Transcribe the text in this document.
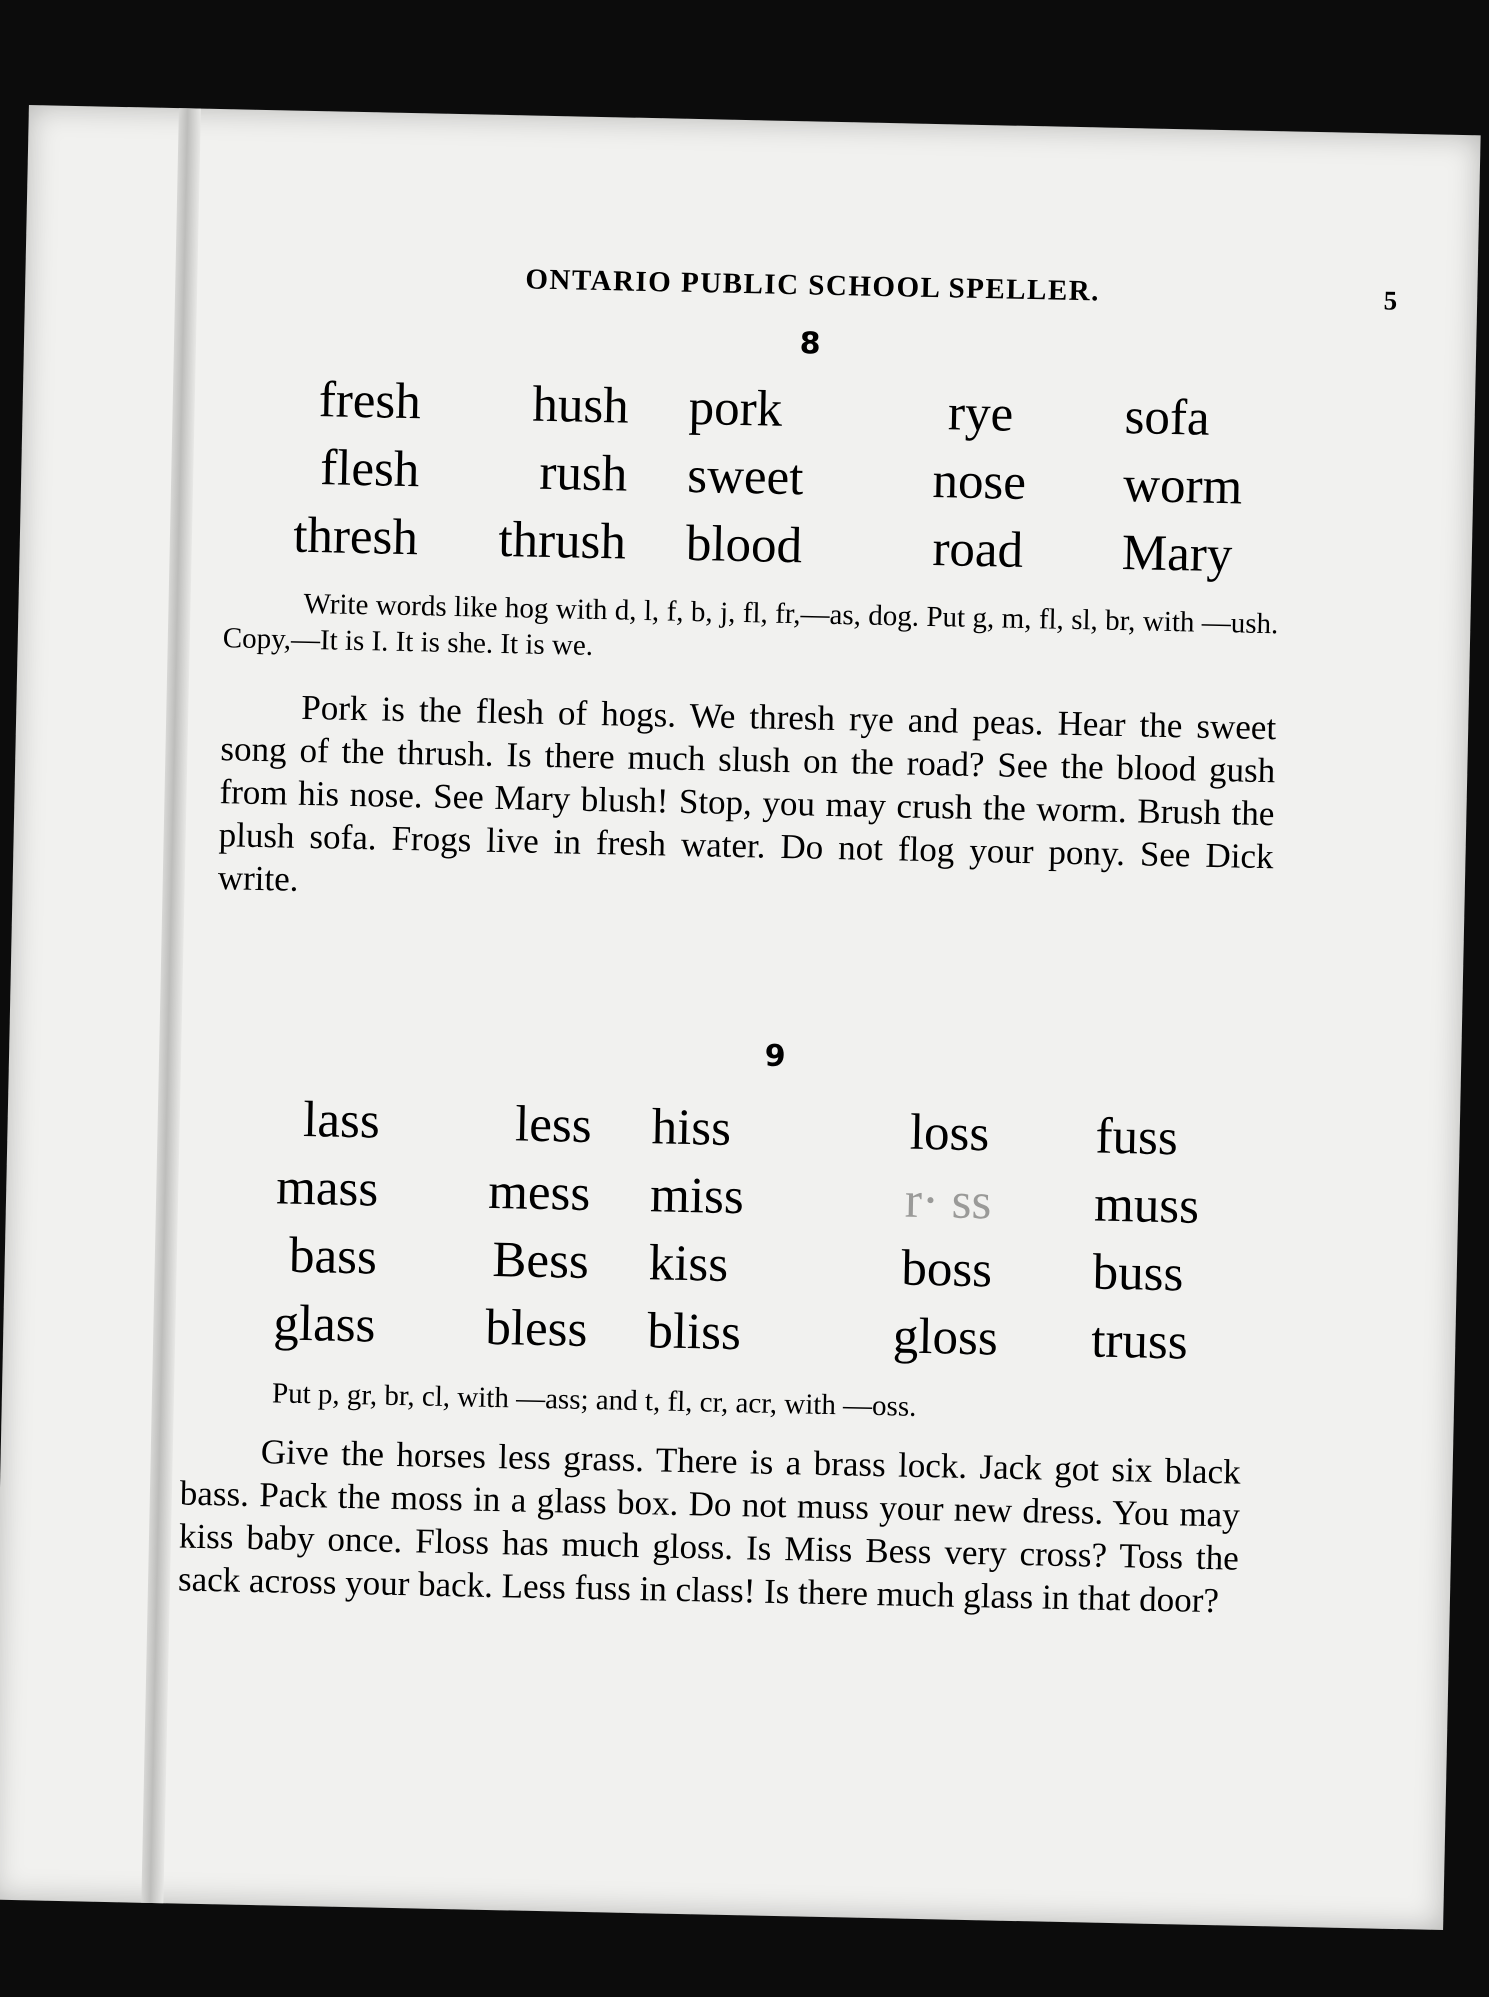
ONTARIO PUBLIC SCHOOL SPELLER.	5
8
fresh
flesh
thresh
hush
rush
thrush
pork
sweet
blood
rye
nose
road
sofa
worm
Mary

Write words like hog with d, l, f, b, j, fl, fr,—as, dog. Put g, m, fl, sl, br, with —ush. Copy,—It is I. It is she. It is we.

Pork is the flesh of hogs. We thresh rye and peas. Hear the sweet song of the thrush. Is there much slush on the road? See the blood gush from his nose. See Mary blush! Stop, you may crush the worm. Brush the plush sofa. Frogs live in fresh water. Do not flog your pony. See Dick write.

9
lass
mass
bass
glass
less
mess
Bess
bless
hiss
miss
kiss
bliss
loss
r· ss
boss
gloss
fuss
muss
buss
truss

Put p, gr, br, cl, with —ass; and t, fl, cr, acr, with —oss.

Give the horses less grass. There is a brass lock. Jack got six black bass. Pack the moss in a glass box. Do not muss your new dress. You may kiss baby once. Floss has much gloss. Is Miss Bess very cross? Toss the sack across your back. Less fuss in class! Is there much glass in that door?
